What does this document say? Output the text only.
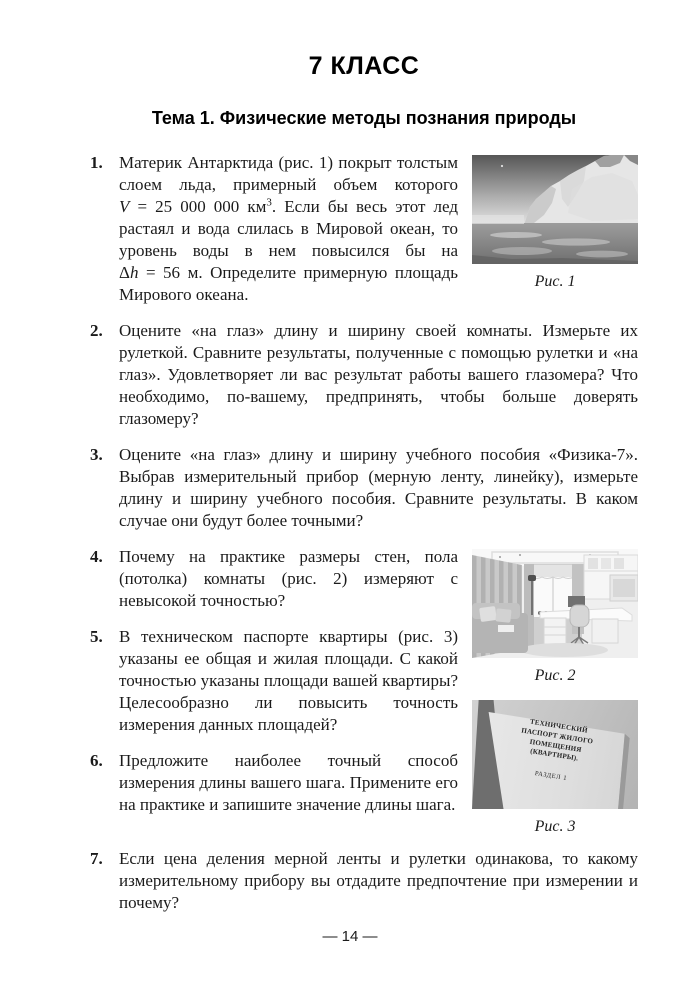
7 КЛАСС
Тема 1. Физические методы познания природы
1.
Рис. 1
Материк Антарктида (рис. 1) покрыт толстым слоем льда, примерный объем которого V = 25 000 000 $км^3$. Если бы весь этот лед растаял и вода слилась в Мировой океан, то уровень воды в нем повысился бы на Δh = 56 м. Определите примерную площадь Мирового океана.
2. Оцените «на глаз» длину и ширину своей комнаты. Измерьте их рулеткой. Сравните результаты, полученные с помощью рулетки и «на глаз». Удовлетворяет ли вас результат работы вашего глазомера? Что необходимо, по-вашему, предпринять, чтобы больше доверять глазомеру?
3. Оцените «на глаз» длину и ширину учебного пособия «Физика-7». Выбрав измерительный прибор (мерную ленту, линейку), измерьте длину и ширину учебного пособия. Сравните результаты. В каком случае они будут более точными?
4.
Рис. 2
Почему на практике размеры стен, пола (потолка) комнаты (рис. 2) измеряют с невысокой точностью?
5.
ТЕХНИЧЕСКИЙ ПАСПОРТ ЖИЛОГО ПОМЕЩЕНИЯ (КВАРТИРЫ).
РАЗДЕЛ 1
Рис. 3
В техническом паспорте квартиры (рис. 3) указаны ее общая и жилая площади. С какой точностью указаны площади вашей квартиры? Целесообразно ли повысить точность измерения данных площадей?
6. Предложите наиболее точный способ измерения длины вашего шага. Примените его на практике и запишите значение длины шага.
7. Если цена деления мерной ленты и рулетки одинакова, то какому измерительному прибору вы отдадите предпочтение при измерении и почему?
— 14 —
